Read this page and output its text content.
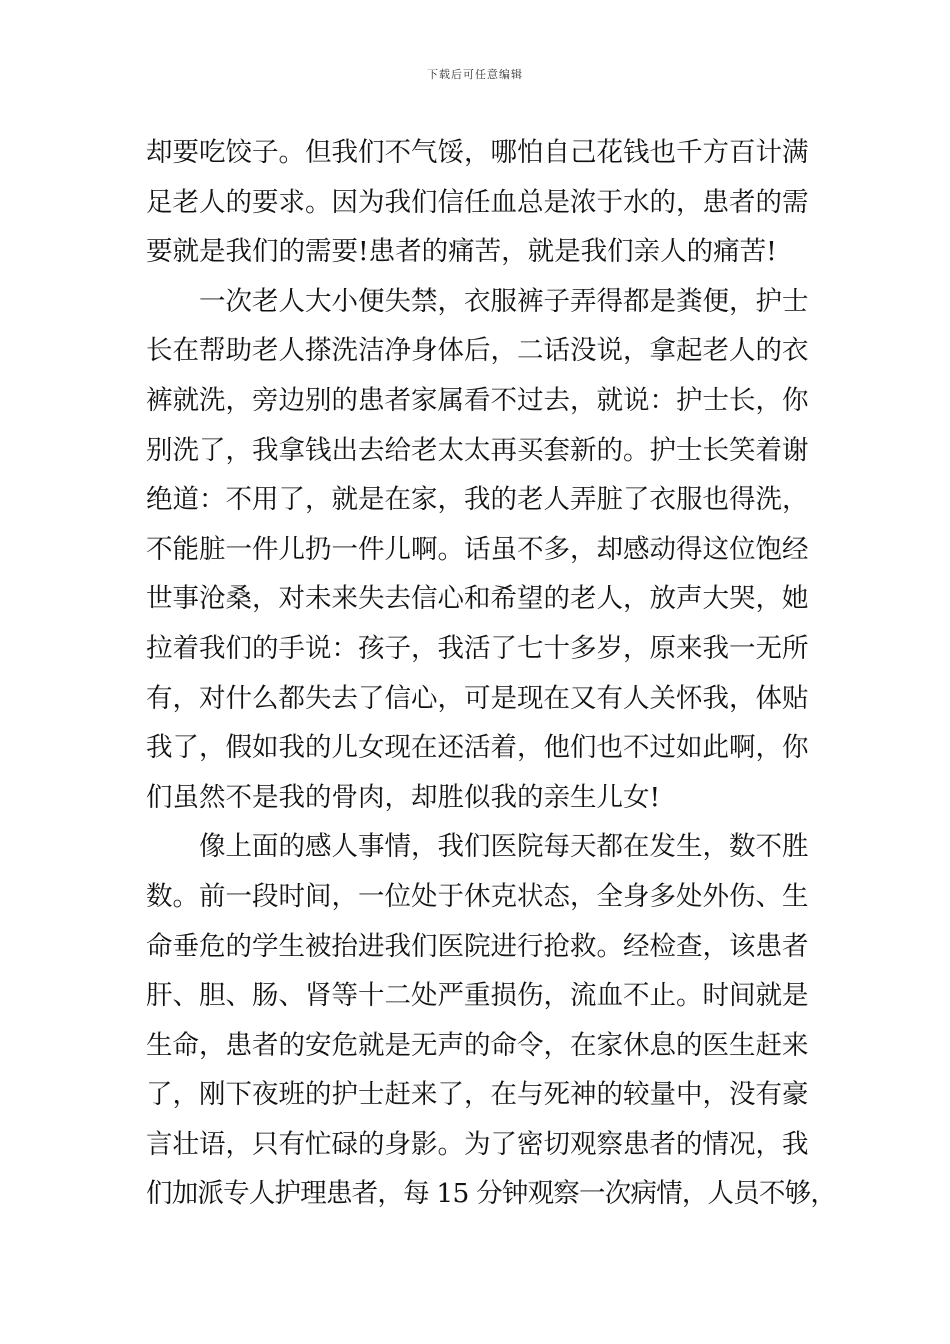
下载后可任意编辑
却要吃饺子。但我们不气馁，哪怕自己花钱也千方百计满
足老人的要求。因为我们信任血总是浓于水的，患者的需
要就是我们的需要!患者的痛苦，就是我们亲人的痛苦!
一次老人大小便失禁，衣服裤子弄得都是粪便，护士
长在帮助老人搽洗洁净身体后，二话没说，拿起老人的衣
裤就洗，旁边别的患者家属看不过去，就说：护士长，你
别洗了，我拿钱出去给老太太再买套新的。护士长笑着谢
绝道：不用了，就是在家，我的老人弄脏了衣服也得洗，
不能脏一件儿扔一件儿啊。话虽不多，却感动得这位饱经
世事沧桑，对未来失去信心和希望的老人，放声大哭，她
拉着我们的手说：孩子，我活了七十多岁，原来我一无所
有，对什么都失去了信心，可是现在又有人关怀我，体贴
我了，假如我的儿女现在还活着，他们也不过如此啊，你
们虽然不是我的骨肉，却胜似我的亲生儿女!
像上面的感人事情，我们医院每天都在发生，数不胜
数。前一段时间，一位处于休克状态，全身多处外伤、生
命垂危的学生被抬进我们医院进行抢救。经检查，该患者
肝、胆、肠、肾等十二处严重损伤，流血不止。时间就是
生命，患者的安危就是无声的命令，在家休息的医生赶来
了，刚下夜班的护士赶来了，在与死神的较量中，没有豪
言壮语，只有忙碌的身影。为了密切观察患者的情况，我
们加派专人护理患者，每 15 分钟观察一次病情，人员不够，
